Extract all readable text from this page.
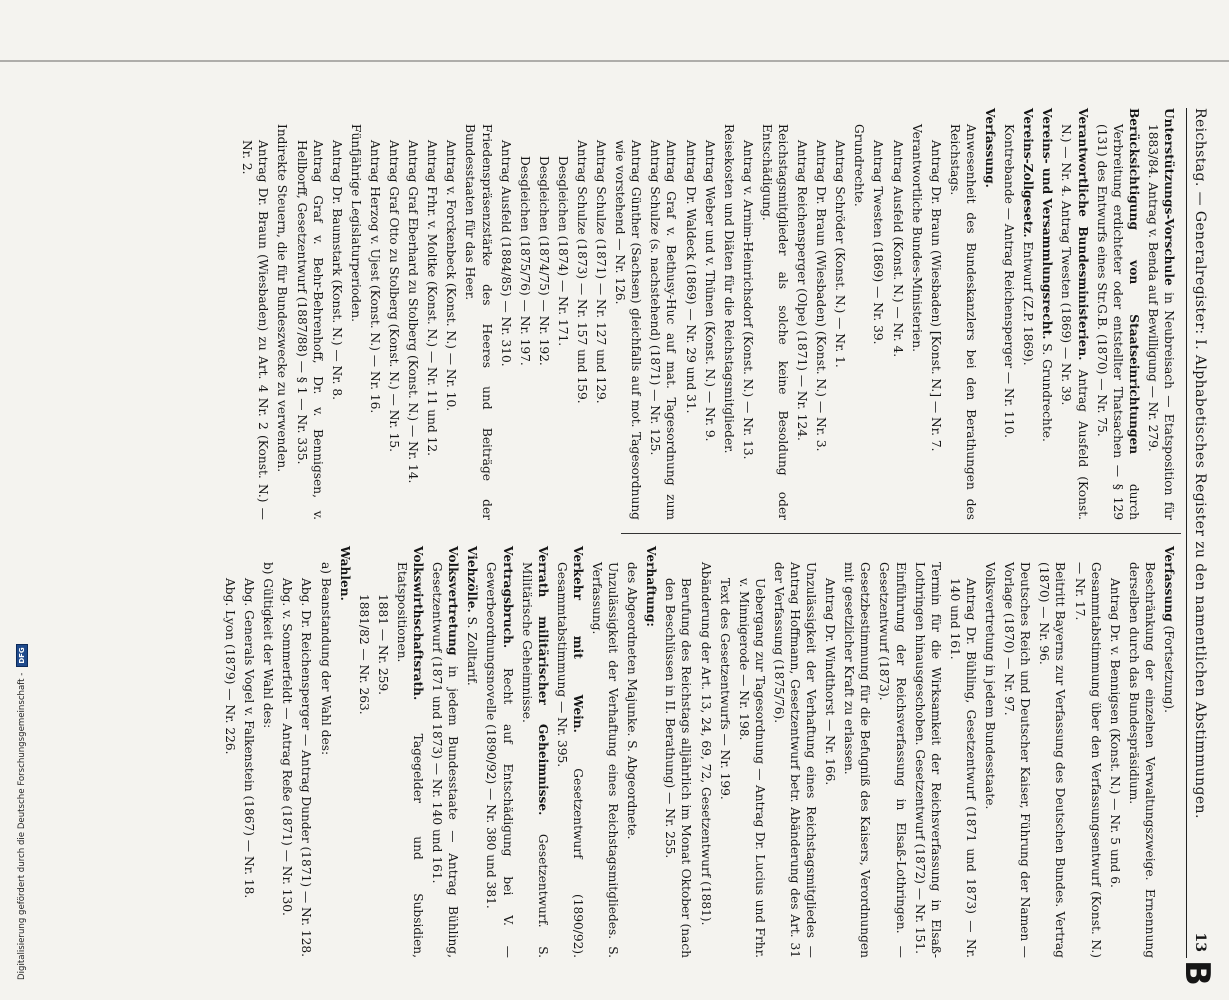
Digitalisierung gefördert durch die Deutsche Forschungsgemeinschaft -DFG	Reichstag. — Generalregister: I. Alphabetisches Register zu den namentlichen Abstimmungen.
13

Unterstützungs-Vorschule in Neubreisach — Etatsposition für 1883/84. Antrag v. Benda auf Bewilligung — Nr. 279.

Berücksichtigung von Staatseinrichtungen durch Verbreitung erdichteter oder entstellter Thatsachen — § 129 (131) des Entwurfs eines Str.G.B. (1870) — Nr. 75.

Verantwortliche Bundesministerien. Antrag Ausfeld (Konst. N.) — Nr. 4. Antrag Twesten (1869) — Nr. 39.

Vereins- und Versammlungsrecht. S. Grundrechte.

Vereins-Zollgesetz. Entwurf (Z.P. 1869).

Kontrebande — Antrag Reichensperger — Nr. 110.

Verfassung.

Anwesenheit des Bundeskanzlers bei den Berathungen des Reichstags.

Antrag Dr. Braun (Wiesbaden) [Konst. N.] — Nr. 7.

Verantwortliche Bundes-Ministerien.

Antrag Ausfeld (Konst. N.) — Nr. 4.

Antrag Twesten (1869) — Nr. 39.

Grundrechte.

Antrag Schröder (Konst. N.) — Nr. 1.

Antrag Dr. Braun (Wiesbaden) (Konst. N.) — Nr. 3.

Antrag Reichensperger (Olpe) (1871) — Nr. 124.

Reichstagsmitglieder als solche keine Besoldung oder Entschädigung.

Antrag v. Arnim-Heinrichsdorf (Konst. N.) — Nr. 13.

Reisekosten und Diäten für die Reichstagsmitglieder.

Antrag Weber und v. Thünen (Konst. N.) — Nr. 9.

Antrag Dr. Waldeck (1869) — Nr. 29 und 31.

Antrag Graf v. Bethusy-Huc auf mat. Tagesordnung zum Antrag Schulze (s. nachstehend) (1871) — Nr. 125.

Antrag Günther (Sachsen) gleichfalls auf mot. Tagesordnung wie vorstehend — Nr. 126.

Antrag Schulze (1871) — Nr. 127 und 129.

Antrag Schulze (1873) — Nr. 157 und 159.

Desgleichen (1874) — Nr. 171.

Desgleichen (1874/75) — Nr. 192.

Desgleichen (1875/76) — Nr. 197.

Antrag Ausfeld (1884/85) — Nr. 310.

Friedenspräsenzstärke des Heeres und Beiträge der Bundesstaaten für das Heer.

Antrag v. Forckenbeck (Konst. N.) — Nr. 10.

Antrag Frhr. v. Moltke (Konst. N.) — Nr. 11 und 12.

Antrag Graf Eberhard zu Stolberg (Konst. N.) — Nr. 14.

Antrag Graf Otto zu Stolberg (Konst. N.) — Nr. 15.

Antrag Herzog v. Ujest (Konst. N.) — Nr. 16.

Fünfjährige Legislaturperioden.

Antrag Dr. Baumstark (Konst. N.) — Nr. 8.

Antrag Graf v. Behr-Behrenhoff, Dr. v. Bennigsen, v. Hellborff, Gesetzentwurf (1887/88) — § 1 — Nr. 335.

Indirekte Steuern, die für Bundeszwecke zu verwenden.

Antrag Dr. Braun (Wiesbaden) zu Art. 4 Nr. 2 (Konst. N.) — Nr. 2.

Verfassung (Fortsetzung).

Beschränkung der einzelnen Verwaltungszweige. Ernennung derselben durch das Bundespräsidium.

Antrag Dr. v. Bennigsen (Konst. N.) — Nr. 5 und 6.

Gesammtabstimmung über den Verfassungsentwurf (Konst. N.) — Nr. 17.

Beitritt Bayerns zur Verfassung des Deutschen Bundes. Vertrag (1870) — Nr. 96.

Deutsches Reich und Deutscher Kaiser, Führung der Namen — Vorlage (1870) — Nr. 97.

Volksvertretung in jedem Bundesstaate.

Antrag Dr. Bühling, Gesetzentwurf (1871 und 1873) — Nr. 140 und 161.

Termin für die Wirksamkeit der Reichsverfassung in Elsaß-Lothringen hinausgeschoben. Gesetzentwurf (1872) — Nr. 151.

Einführung der Reichsverfassung in Elsaß-Lothringen. — Gesetzentwurf (1873).

Gesetzbestimmung für die Befugniß des Kaisers, Verordnungen mit gesetzlicher Kraft zu erlassen.

Antrag Dr. Windthorst — Nr. 166.

Unzulässigkeit der Verhaftung eines Reichstagsmitgliedes — Antrag Hoffmann, Gesetzentwurf betr. Abänderung des Art. 31 der Verfassung (1875/76).

Uebergang zur Tagesordnung — Antrag Dr. Lucius und Frhr. v. Minnigerode — Nr. 198.

Text des Gesetzentwurfs — Nr. 199.

Abänderung der Art. 13, 24, 69, 72, Gesetzentwurf (1881).

Berufung des Reichstags alljährlich im Monat Oktober (nach den Beschlüssen in II. Berathung) — Nr. 255.

Verhaftung:

des Abgeordneten Majunke. S. Abgeordnete.

Unzulässigkeit der Verhaftung eines Reichstagsmitgliedes. S. Verfassung.

Verkehr mit Wein. Gesetzentwurf (1890/92). Gesammtabstimmung — Nr. 395.

Verrath militärischer Geheimnisse. Gesetzentwurf. S. Militärische Geheimnisse.

Vertragsbruch. Recht auf Entschädigung bei V. — Gewerbeordnungsnovelle (1890/92) — Nr. 380 und 381.

Viehzölle. S. Zolltarif.

Volksvertretung in jedem Bundesstaate — Antrag Bühling, Gesetzentwurf (1871 und 1873) — Nr. 140 und 161.

Volkswirthschaftsrath. Tagegelder und Subsidien, Etatspositionen.

1881 — Nr. 259.

1881/82 — Nr. 263.

Wahlen.

a) Beanstandung der Wahl des:

Abg. Dr. Reichensperger — Antrag Dunder (1871) — Nr. 128.

Abg. v. Sommerfeldt — Antrag Reße (1871) — Nr. 130.

b) Gültigkeit der Wahl des:

Abg. Generals Vogel v. Falkenstein (1867) — Nr. 18.

Abg. Lyon (1879) — Nr. 226.

B
